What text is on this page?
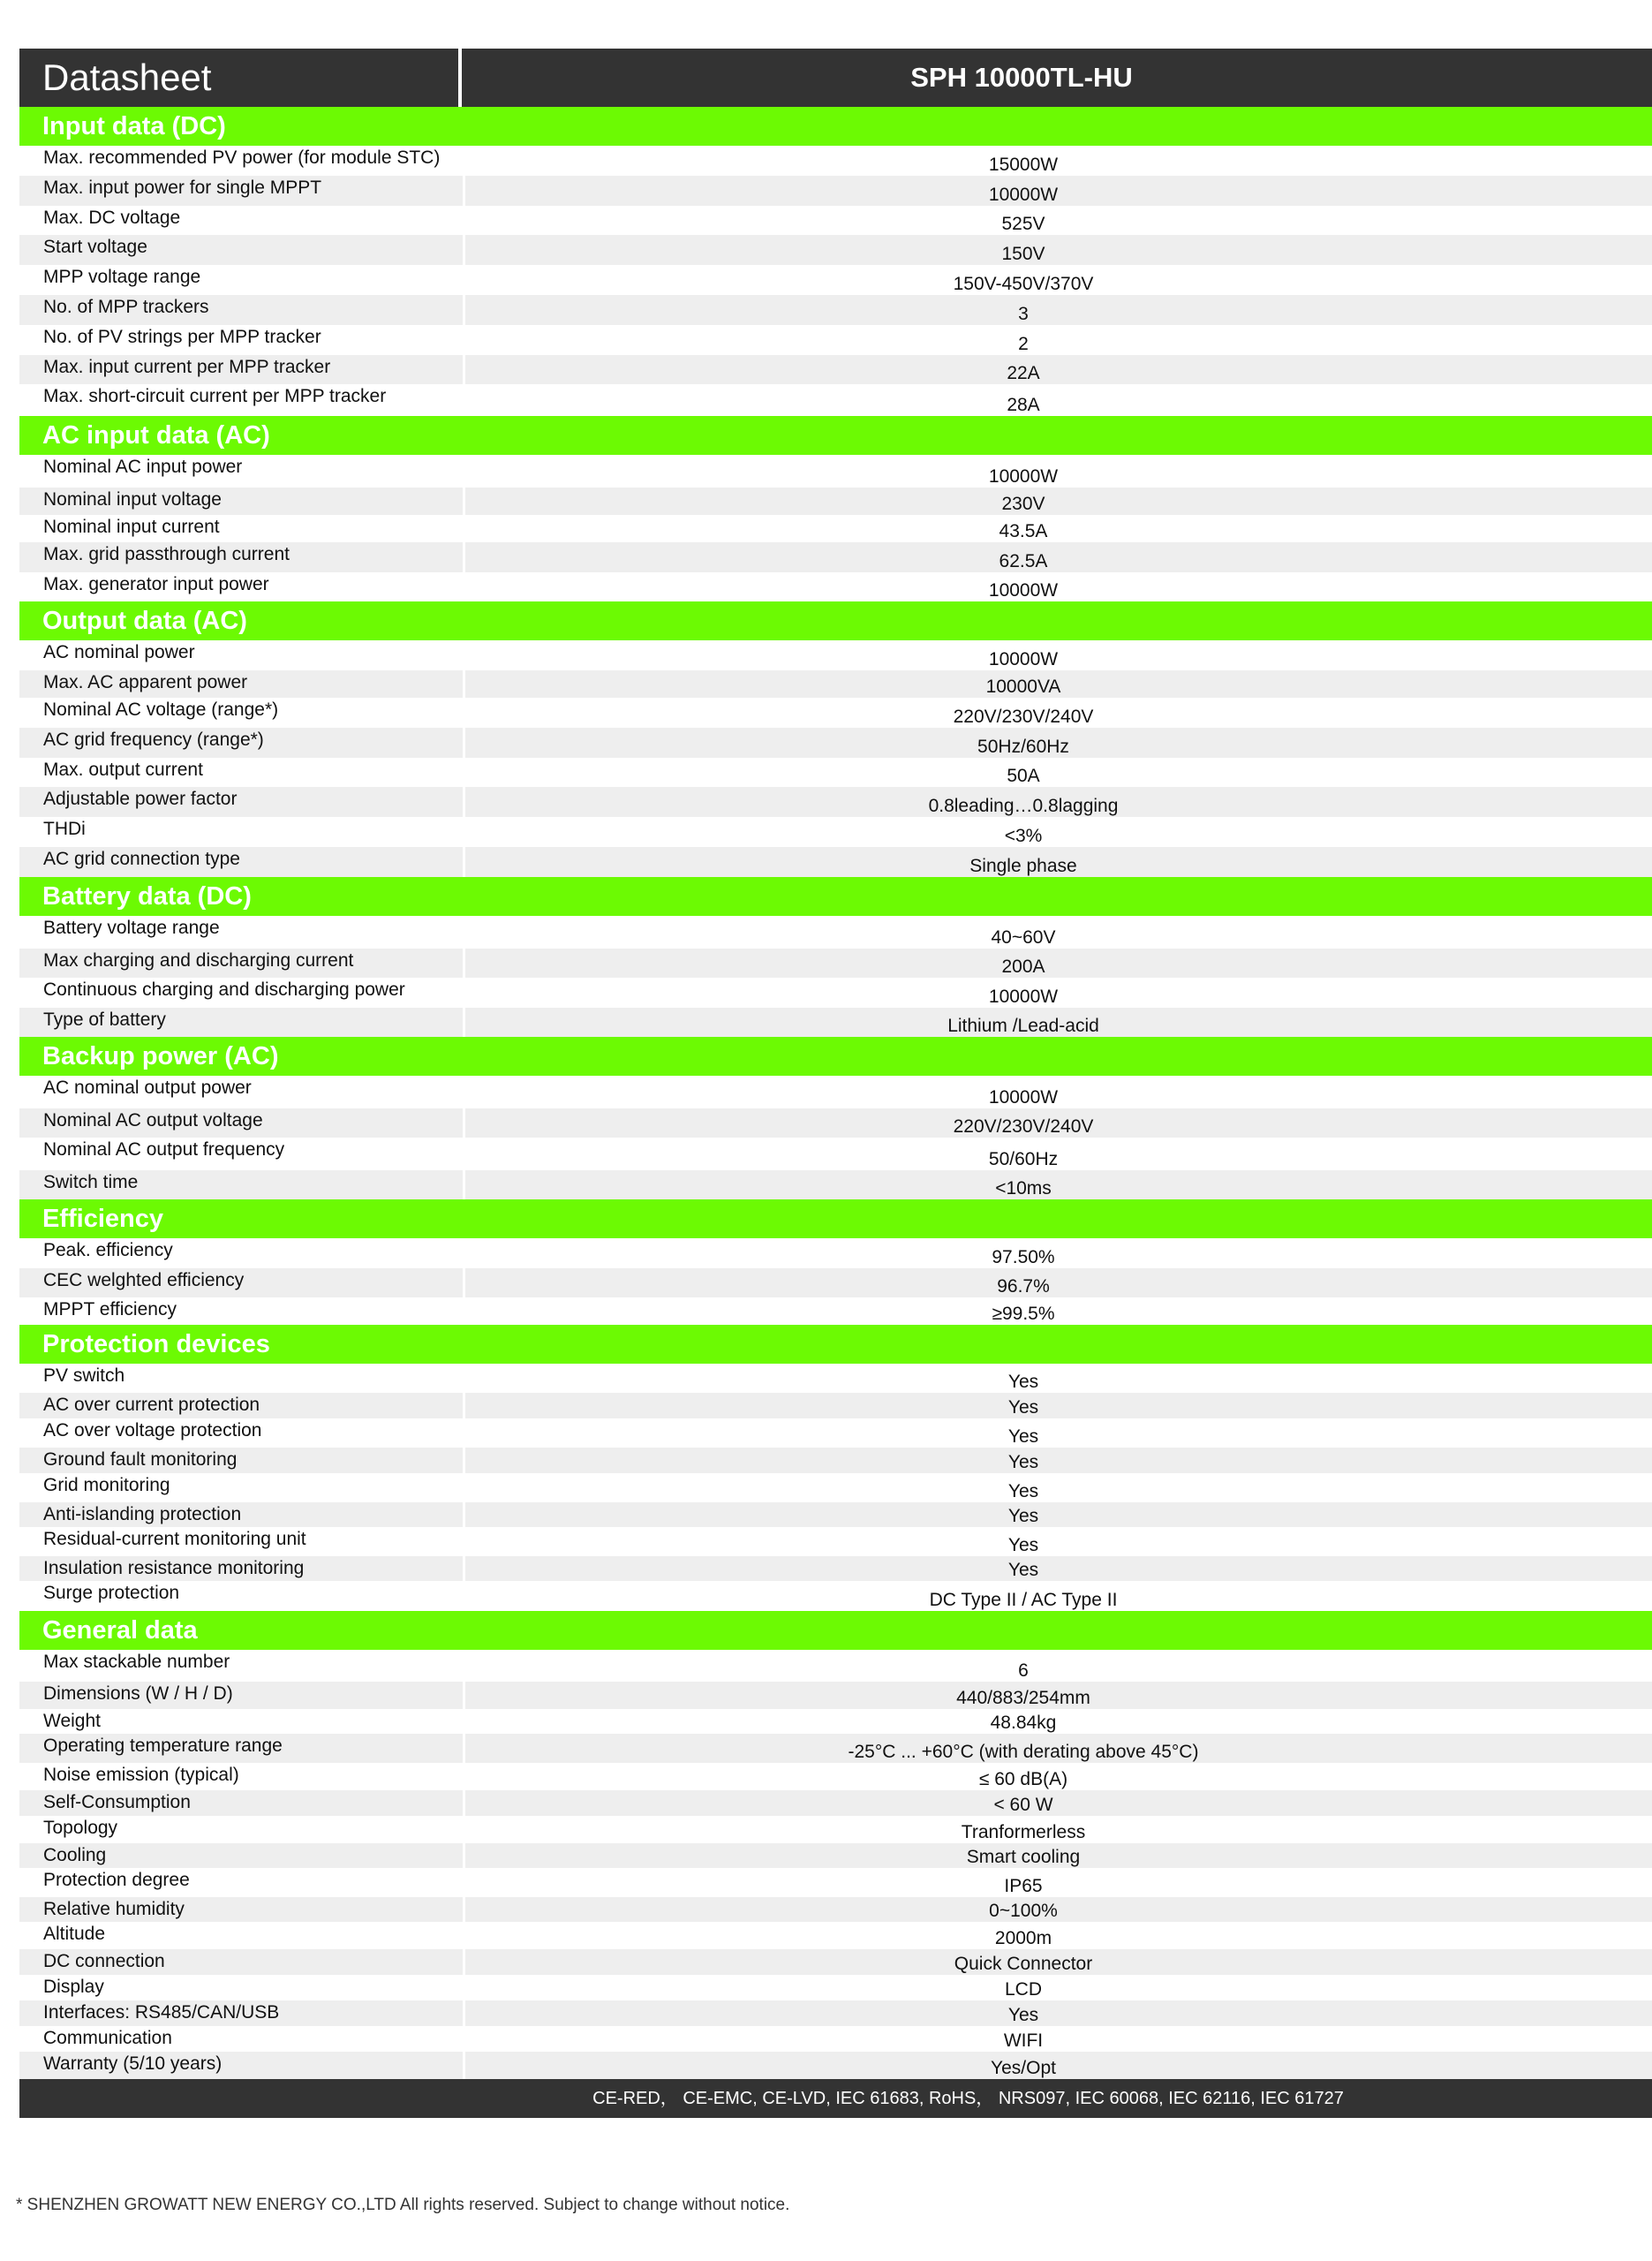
Datasheet	SPH 10000TL-HU
Input data (DC)
Max. recommended PV power (for module STC)	15000W
Max. input power for single MPPT	10000W
Max. DC voltage	525V
Start voltage	150V
MPP voltage range	150V-450V/370V
No. of MPP trackers	3
No. of PV strings per MPP tracker	2
Max. input current per MPP tracker	22A
Max. short-circuit current per MPP tracker	28A
AC input data (AC)
Nominal AC input power	10000W
Nominal input voltage	230V
Nominal input current	43.5A
Max. grid passthrough current	62.5A
Max. generator input power	10000W
Output data (AC)
AC nominal power	10000W
Max. AC apparent power	10000VA
Nominal AC voltage (range*)	220V/230V/240V
AC grid frequency (range*)	50Hz/60Hz
Max. output current	50A
Adjustable power factor	0.8leading…0.8lagging
THDi	<3%
AC grid connection type	Single phase
Battery data (DC)
Battery voltage range	40~60V
Max charging and discharging current	200A
Continuous charging and discharging power	10000W
Type of battery	Lithium /Lead-acid
Backup power (AC)
AC nominal output power	10000W
Nominal AC output voltage	220V/230V/240V
Nominal AC output frequency	50/60Hz
Switch time	<10ms
Efficiency
Peak. efficiency	97.50%
CEC welghted efficiency	96.7%
MPPT efficiency	≥99.5%
Protection devices
PV switch	Yes
AC over current protection	Yes
AC over voltage protection	Yes
Ground fault monitoring	Yes
Grid monitoring	Yes
Anti-islanding protection	Yes
Residual-current monitoring unit	Yes
Insulation resistance monitoring	Yes
Surge protection	DC Type II / AC Type II
General data
Max stackable number	6
Dimensions (W / H / D)	440/883/254mm
Weight	48.84kg
Operating temperature range	-25°C ... +60°C (with derating above 45°C)
Noise emission (typical)	≤ 60 dB(A)
Self-Consumption	< 60 W
Topology	Tranformerless
Cooling	Smart cooling
Protection degree	IP65
Relative humidity	0~100%
Altitude	2000m
DC connection	Quick Connector
Display	LCD
Interfaces: RS485/CAN/USB	Yes
Communication	WIFI
Warranty (5/10 years)	Yes/Opt
CE-RED， CE-EMC, CE-LVD, IEC 61683, RoHS， NRS097, IEC 60068, IEC 62116, IEC 61727
* SHENZHEN GROWATT NEW ENERGY CO.,LTD All rights reserved. Subject to change without notice.
